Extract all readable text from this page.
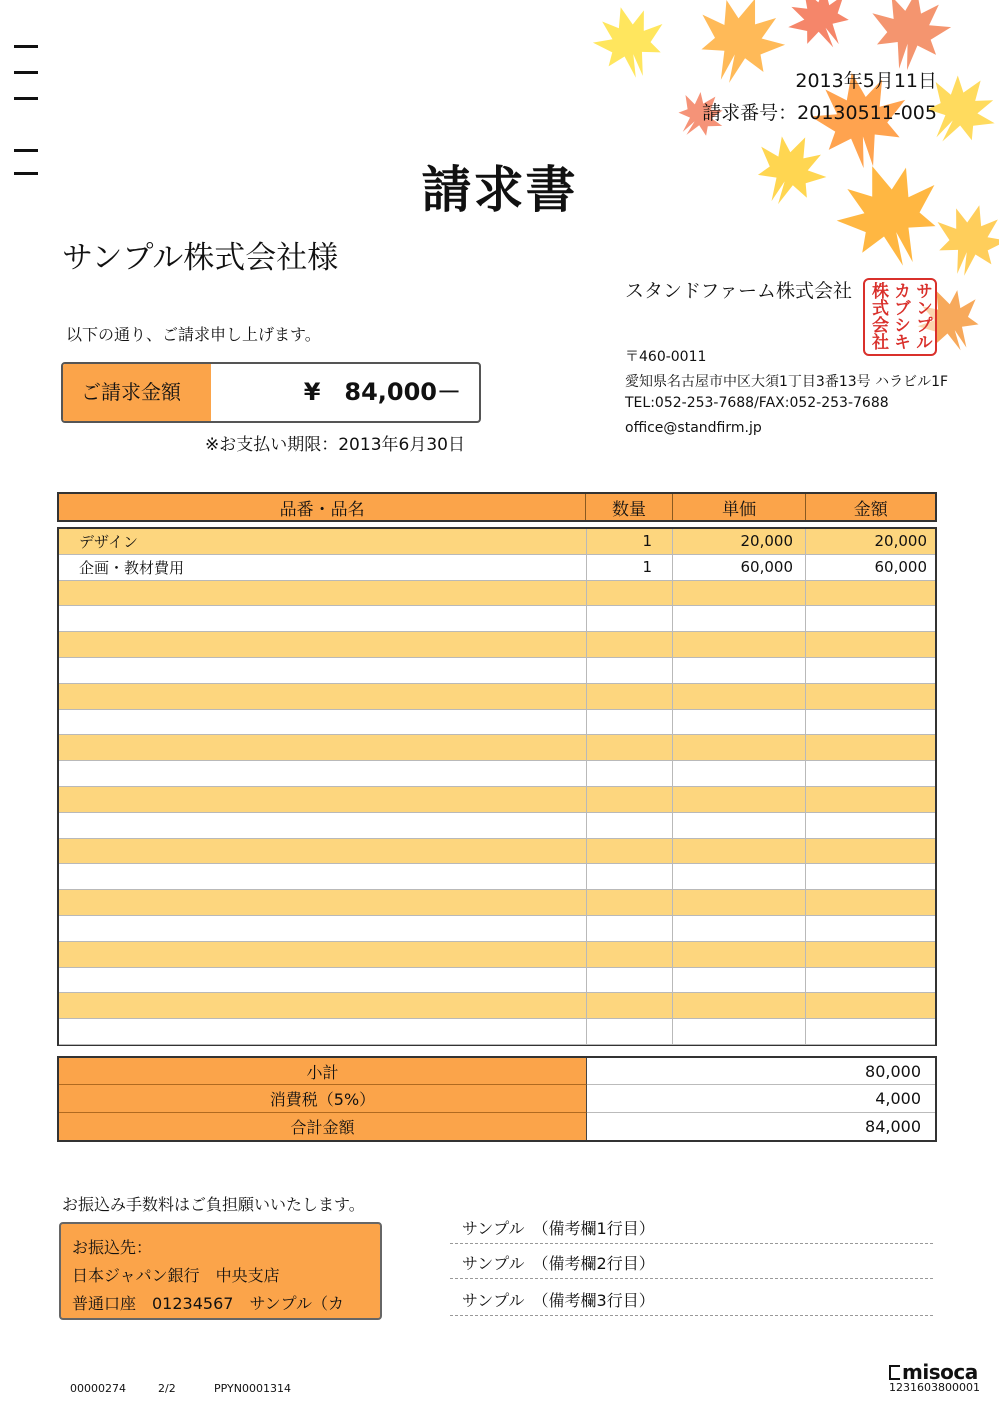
2013年5月11日
請求番号：20130511-005
請求書
サンプル株式会社様
以下の通り、ご請求申し上げます。
ご請求金額	¥　84,000－
※お支払い期限：2013年6月30日
スタンドファーム株式会社	サンプル
カブシキ
株式会社
〒460-0011
愛知県名古屋市中区大須1丁目3番13号 ハラビル1F
TEL:052-253-7688/FAX:052-253-7688
office@standfirm.jp
品番・品名	数量	単価	金額
デザイン	1	20,000	20,000
企画・教材費用	1	60,000	60,000
小計	80,000
消費税（5%）	4,000
合計金額	84,000
お振込み手数料はご負担願いいたします。
お振込先：
日本ジャパン銀行　中央支店
普通口座　01234567　サンプル（カ
サンプル　（備考欄1行目）
サンプル　（備考欄2行目）
サンプル　（備考欄3行目）
00000274	2/2	PPYN0001314
misoca
1231603800001
